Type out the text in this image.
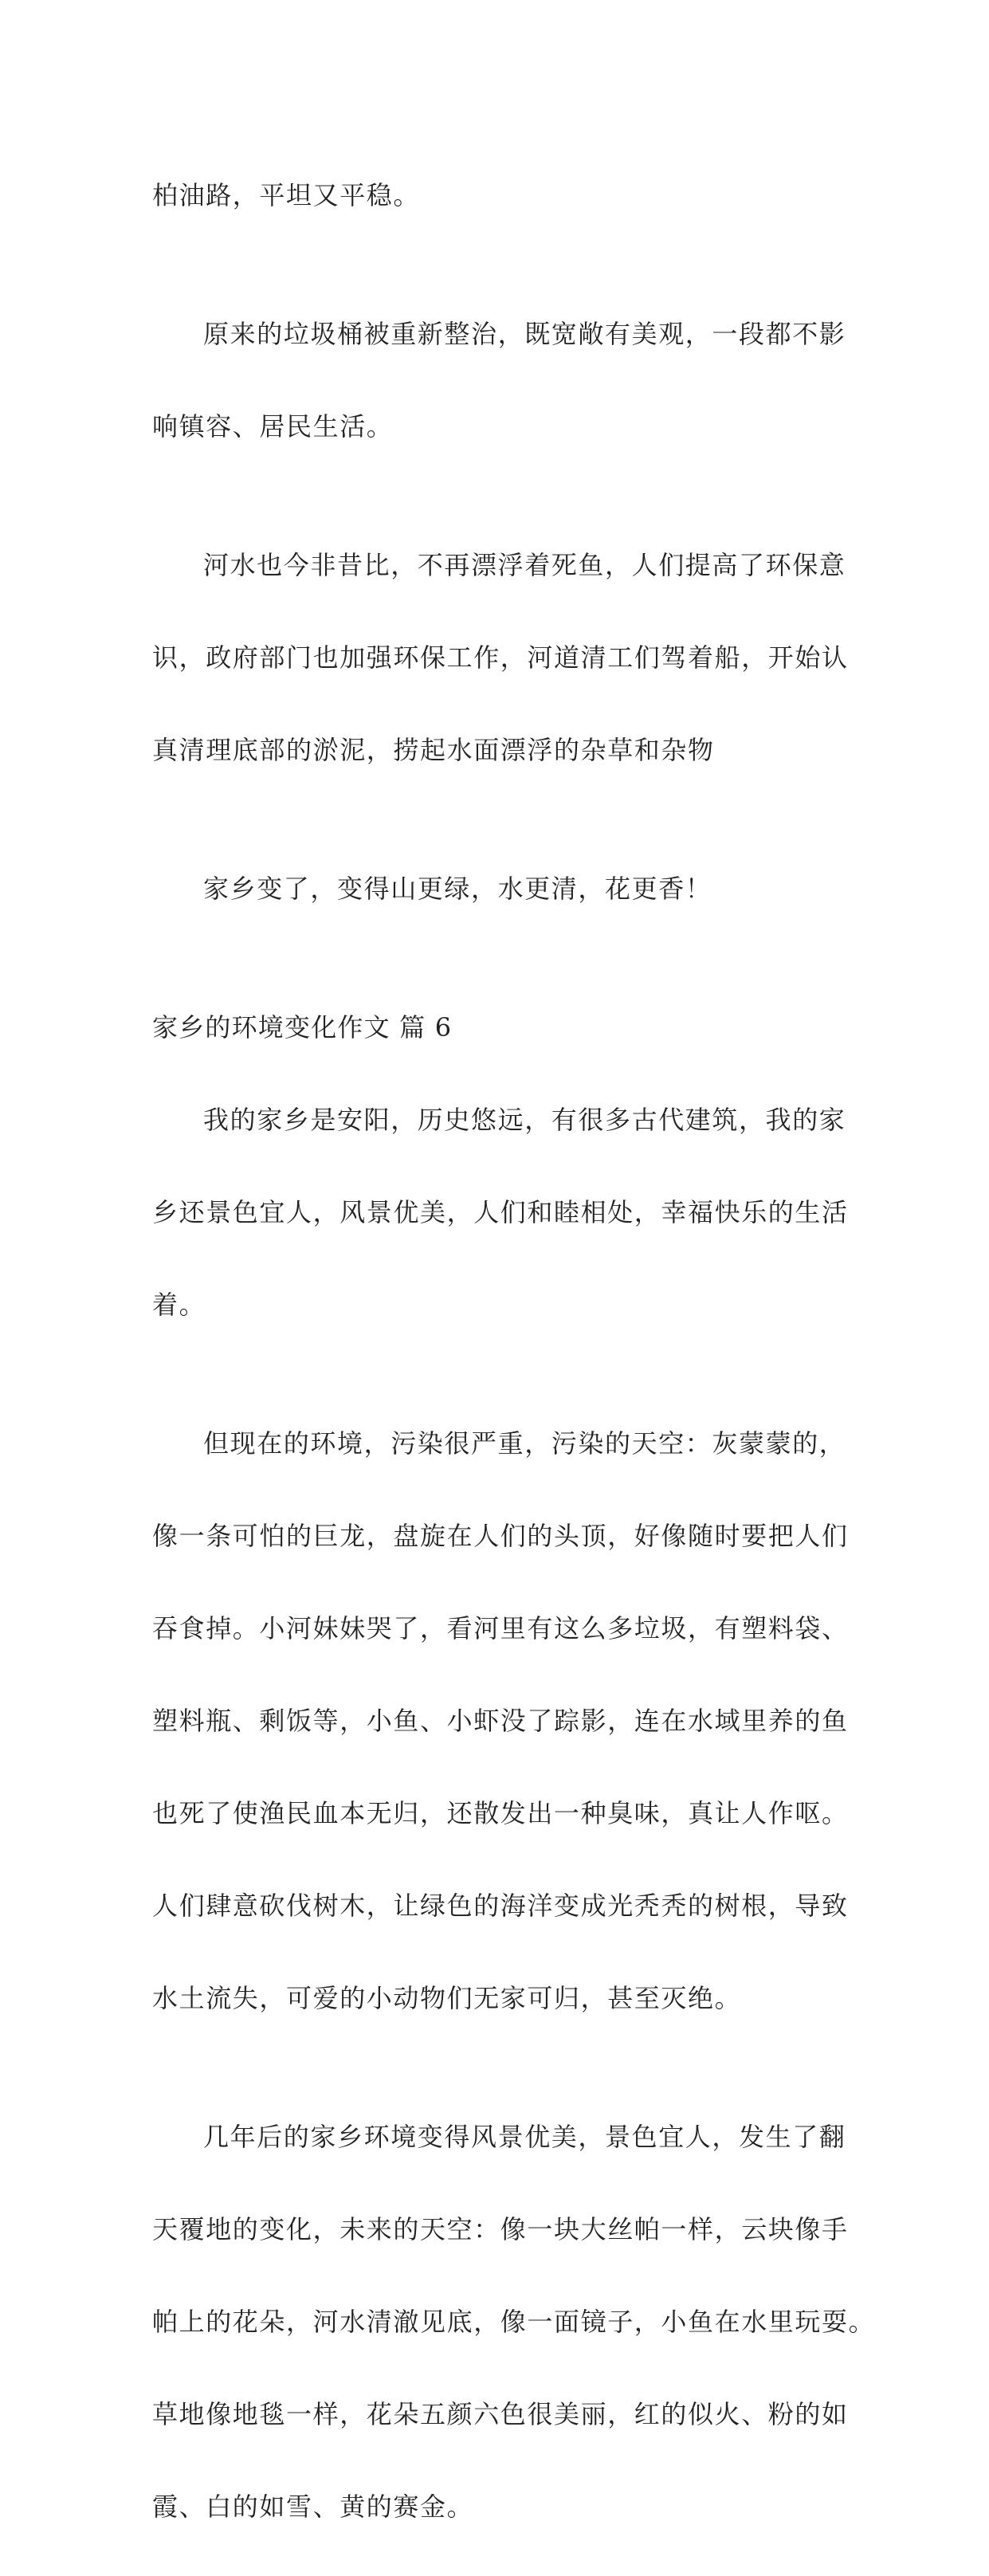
柏油路，平坦又平稳。

原来的垃圾桶被重新整治，既宽敞有美观，一段都不影

响镇容、居民生活。

河水也今非昔比，不再漂浮着死鱼，人们提高了环保意

识，政府部门也加强环保工作，河道清工们驾着船，开始认

真清理底部的淤泥，捞起水面漂浮的杂草和杂物

家乡变了，变得山更绿，水更清，花更香！

家乡的环境变化作文 篇 6

我的家乡是安阳，历史悠远，有很多古代建筑，我的家

乡还景色宜人，风景优美，人们和睦相处，幸福快乐的生活

着。

但现在的环境，污染很严重，污染的天空：灰蒙蒙的，

像一条可怕的巨龙，盘旋在人们的头顶，好像随时要把人们

吞食掉。小河妹妹哭了，看河里有这么多垃圾，有塑料袋、

塑料瓶、剩饭等，小鱼、小虾没了踪影，连在水域里养的鱼

也死了使渔民血本无归，还散发出一种臭味，真让人作呕。

人们肆意砍伐树木，让绿色的海洋变成光秃秃的树根，导致

水土流失，可爱的小动物们无家可归，甚至灭绝。

几年后的家乡环境变得风景优美，景色宜人，发生了翻

天覆地的变化，未来的天空：像一块大丝帕一样，云块像手

帕上的花朵，河水清澈见底，像一面镜子，小鱼在水里玩耍。

草地像地毯一样，花朵五颜六色很美丽，红的似火、粉的如

霞、白的如雪、黄的赛金。
